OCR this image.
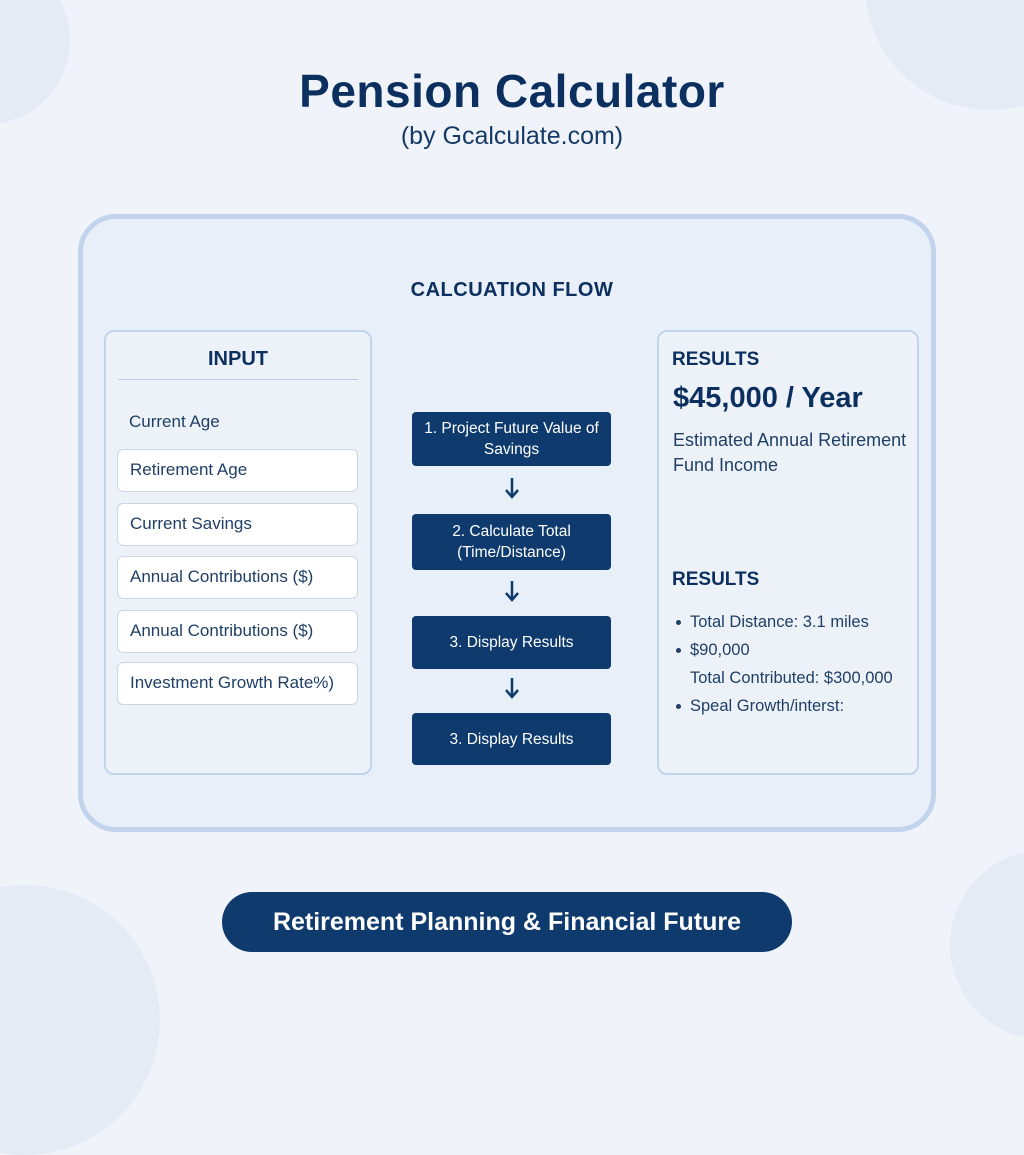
Pension Calculator
(by Gcalculate.com)
CALCUATION FLOW
INPUT
Current Age
Retirement Age
Current Savings
Annual Contributions ($)
Annual Contributions ($)
Investment Growth Rate%)
1. Project Future Value of Savings
2. Calculate Total (Time/Distance)
3. Display Results
3. Display Results
RESULTS
$45,000 / Year
Estimated Annual Retirement Fund Income
RESULTS
Total Distance: 3.1 miles
$90,000
Total Contributed: $300,000
Speal Growth/interst:
Retirement Planning & Financial Future
